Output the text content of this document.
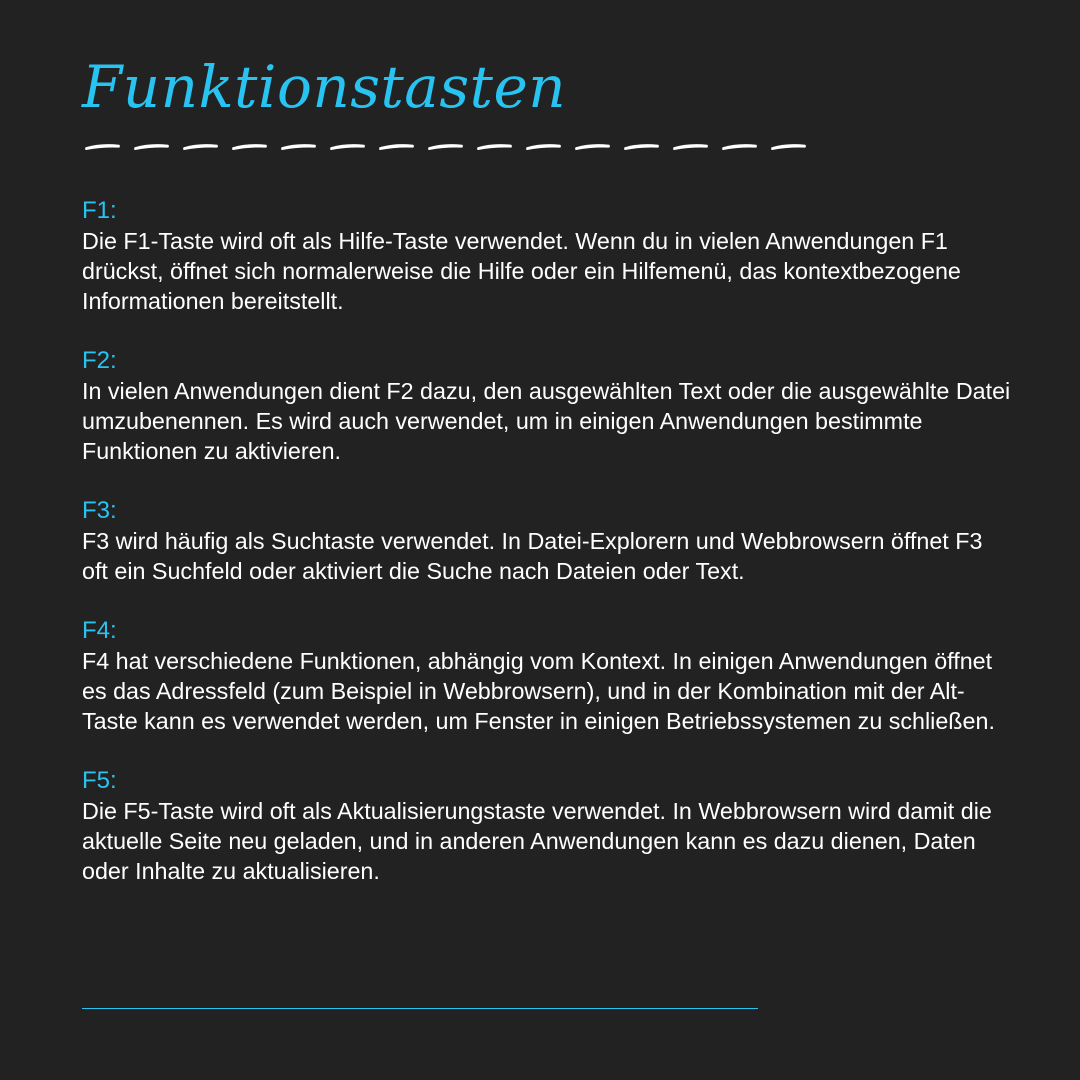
Funktionstasten

F1:

Die F1-Taste wird oft als Hilfe-Taste verwendet. Wenn du in vielen Anwendungen F1 drückst, öffnet sich normalerweise die Hilfe oder ein Hilfemenü, das kontextbezogene Informationen bereitstellt.

F2:

In vielen Anwendungen dient F2 dazu, den ausgewählten Text oder die ausgewählte Datei umzubenennen. Es wird auch verwendet, um in einigen Anwendungen bestimmte Funktionen zu aktivieren.

F3:

F3 wird häufig als Suchtaste verwendet. In Datei-Explorern und Webbrowsern öffnet F3 oft ein Suchfeld oder aktiviert die Suche nach Dateien oder Text.

F4:

F4 hat verschiedene Funktionen, abhängig vom Kontext. In einigen Anwendungen öffnet es das Adressfeld (zum Beispiel in Webbrowsern), und in der Kombination mit der Alt-Taste kann es verwendet werden, um Fenster in einigen Betriebssystemen zu schließen.

F5:

Die F5-Taste wird oft als Aktualisierungstaste verwendet. In Webbrowsern wird damit die aktuelle Seite neu geladen, und in anderen Anwendungen kann es dazu dienen, Daten oder Inhalte zu aktualisieren.
